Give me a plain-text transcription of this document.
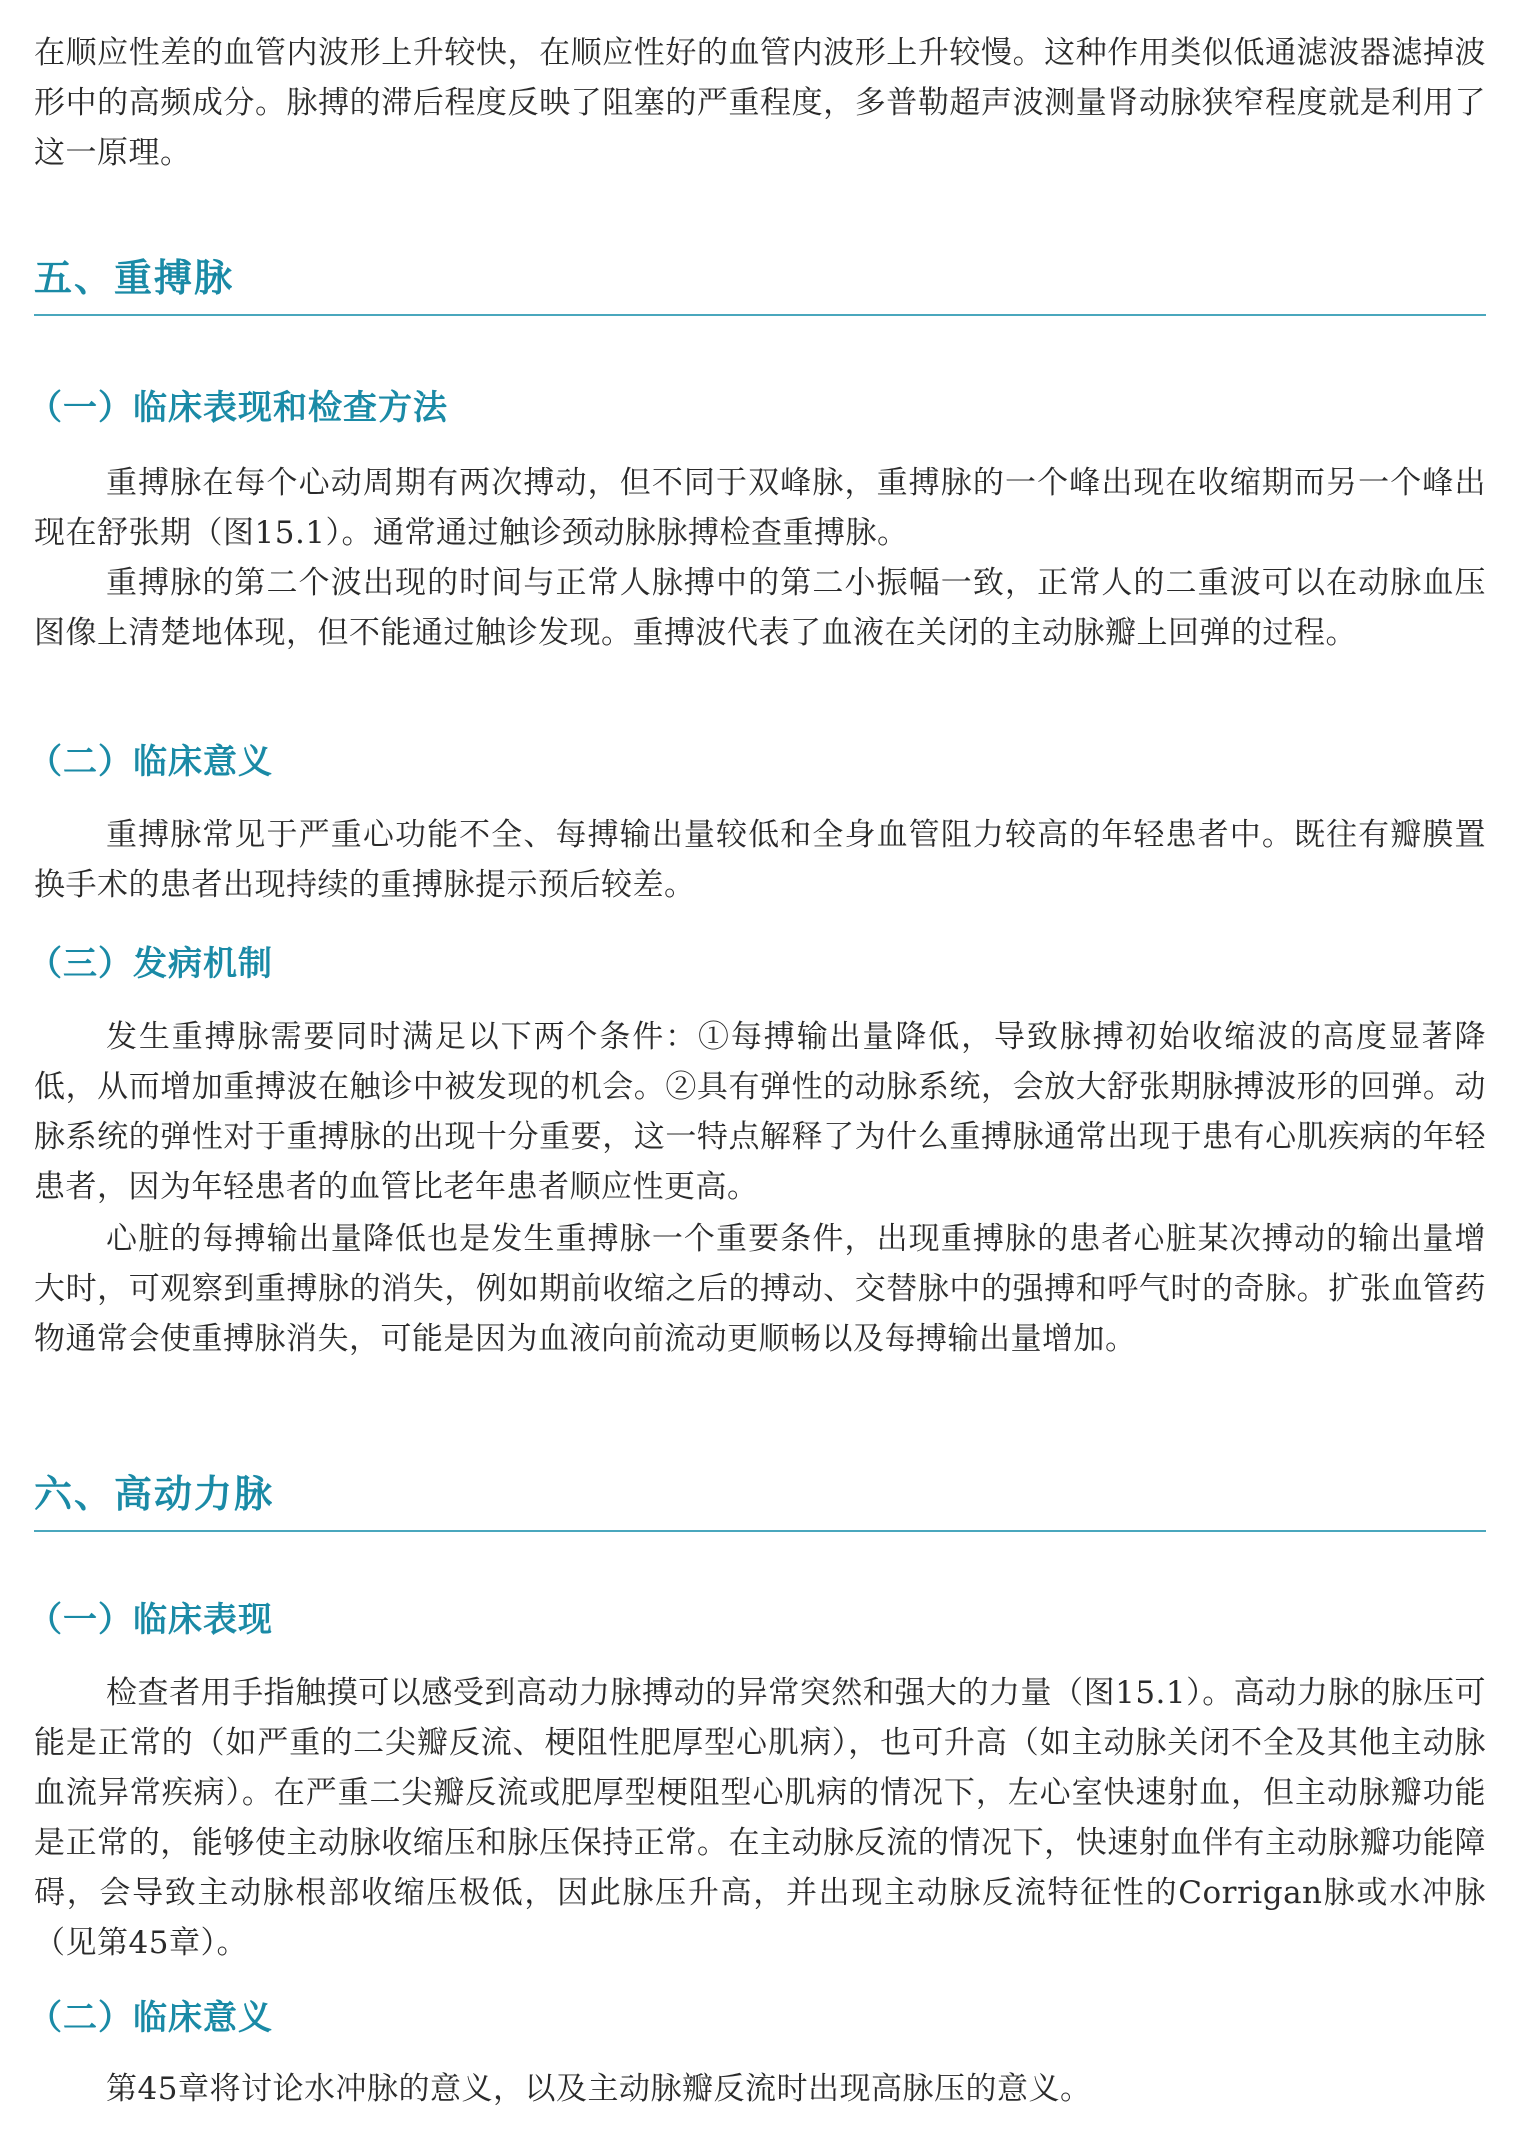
在顺应性差的血管内波形上升较快，在顺应性好的血管内波形上升较慢。这种作用类似低通滤波器滤掉波形中的高频成分。脉搏的滞后程度反映了阻塞的严重程度，多普勒超声波测量肾动脉狭窄程度就是利用了这一原理。

五、重搏脉
（一）临床表现和检查方法

重搏脉在每个心动周期有两次搏动，但不同于双峰脉，重搏脉的一个峰出现在收缩期而另一个峰出现在舒张期（图15.1）。通常通过触诊颈动脉脉搏检查重搏脉。

重搏脉的第二个波出现的时间与正常人脉搏中的第二小振幅一致，正常人的二重波可以在动脉血压图像上清楚地体现，但不能通过触诊发现。重搏波代表了血液在关闭的主动脉瓣上回弹的过程。

（二）临床意义

重搏脉常见于严重心功能不全、每搏输出量较低和全身血管阻力较高的年轻患者中。既往有瓣膜置换手术的患者出现持续的重搏脉提示预后较差。

（三）发病机制

发生重搏脉需要同时满足以下两个条件：①每搏输出量降低，导致脉搏初始收缩波的高度显著降低，从而增加重搏波在触诊中被发现的机会。②具有弹性的动脉系统，会放大舒张期脉搏波形的回弹。动脉系统的弹性对于重搏脉的出现十分重要，这一特点解释了为什么重搏脉通常出现于患有心肌疾病的年轻患者，因为年轻患者的血管比老年患者顺应性更高。

心脏的每搏输出量降低也是发生重搏脉一个重要条件，出现重搏脉的患者心脏某次搏动的输出量增大时，可观察到重搏脉的消失，例如期前收缩之后的搏动、交替脉中的强搏和呼气时的奇脉。扩张血管药物通常会使重搏脉消失，可能是因为血液向前流动更顺畅以及每搏输出量增加。

六、高动力脉
（一）临床表现

检查者用手指触摸可以感受到高动力脉搏动的异常突然和强大的力量（图15.1）。高动力脉的脉压可能是正常的（如严重的二尖瓣反流、梗阻性肥厚型心肌病），也可升高（如主动脉关闭不全及其他主动脉血流异常疾病）。在严重二尖瓣反流或肥厚型梗阻型心肌病的情况下，左心室快速射血，但主动脉瓣功能是正常的，能够使主动脉收缩压和脉压保持正常。在主动脉反流的情况下，快速射血伴有主动脉瓣功能障碍，会导致主动脉根部收缩压极低，因此脉压升高，并出现主动脉反流特征性的Corrigan脉或水冲脉（见第45章）。

（二）临床意义

第45章将讨论水冲脉的意义，以及主动脉瓣反流时出现高脉压的意义。
